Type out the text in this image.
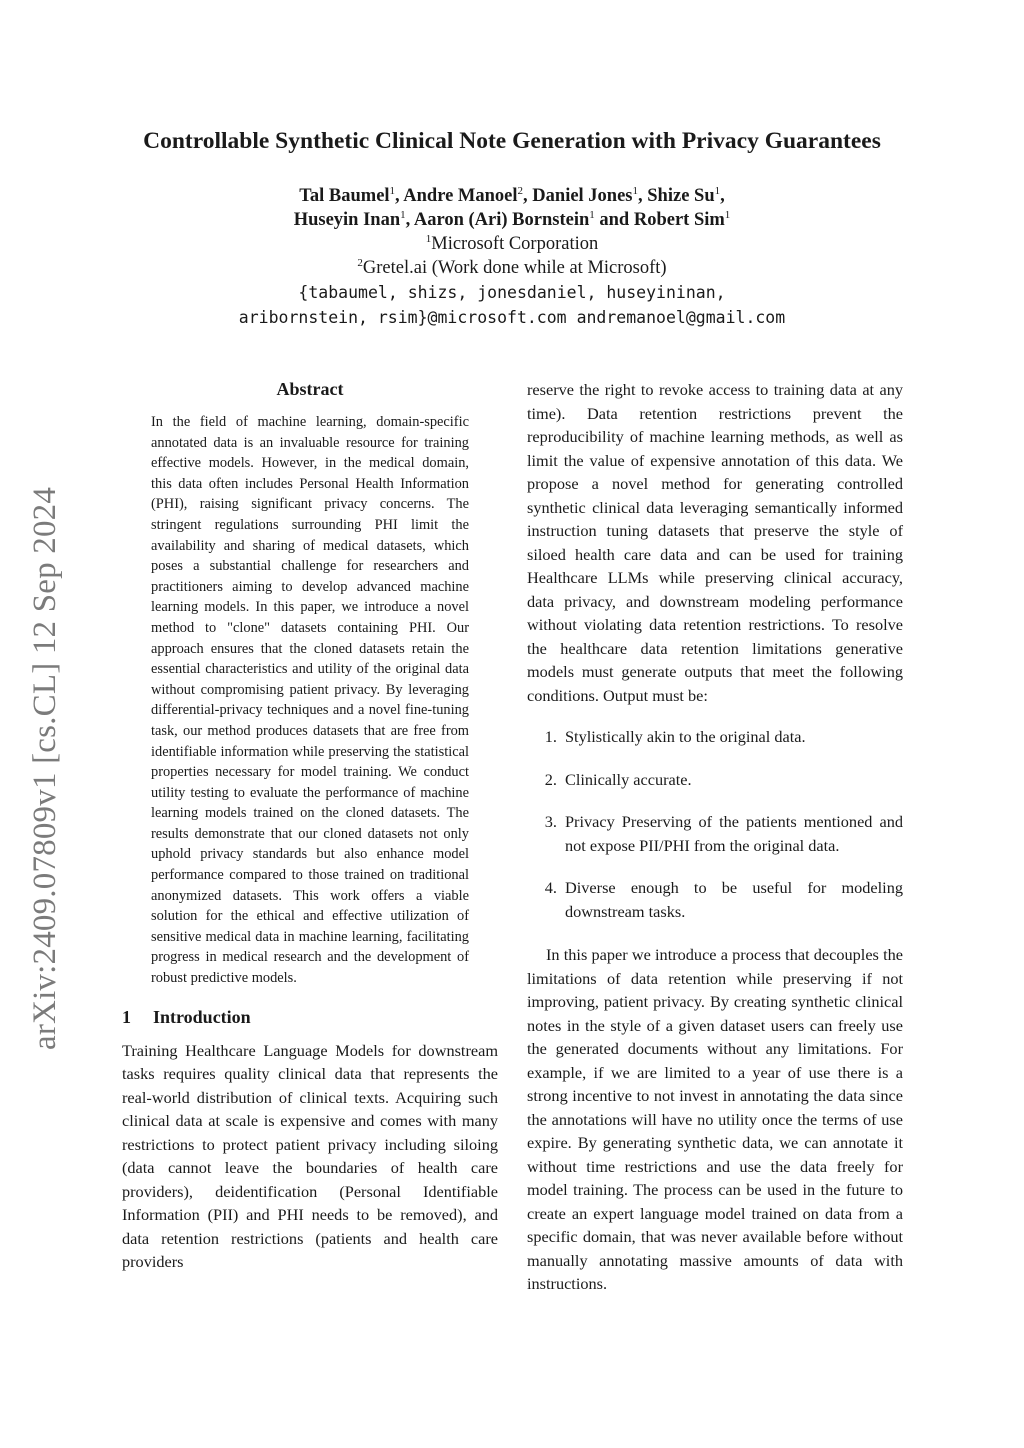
arXiv:2409.07809v1 [cs.CL] 12 Sep 2024
Controllable Synthetic Clinical Note Generation with Privacy Guarantees
Tal Baumel$^1$, Andre Manoel$^2$, Daniel Jones$^1$, Shize Su$^1$,
Huseyin Inan$^1$, Aaron (Ari) Bornstein$^1$ and Robert Sim$^1$
$^1$Microsoft Corporation
$^2$Gretel.ai (Work done while at Microsoft)
{tabaumel, shizs, jonesdaniel, huseyininan,
aribornstein, rsim}@microsoft.com andremanoel@gmail.com
Abstract

In the field of machine learning, domain-specific annotated data is an invaluable resource for training effective models. However, in the medical domain, this data often includes Personal Health Information (PHI), raising significant privacy concerns. The stringent regulations surrounding PHI limit the availability and sharing of medical datasets, which poses a substantial challenge for researchers and practitioners aiming to develop advanced machine learning models. In this paper, we introduce a novel method to "clone" datasets containing PHI. Our approach ensures that the cloned datasets retain the essential characteristics and utility of the original data without compromising patient privacy. By leveraging differential-privacy techniques and a novel fine-tuning task, our method produces datasets that are free from identifiable information while preserving the statistical properties necessary for model training. We conduct utility testing to evaluate the performance of machine learning models trained on the cloned datasets. The results demonstrate that our cloned datasets not only uphold privacy standards but also enhance model performance compared to those trained on traditional anonymized datasets. This work offers a viable solution for the ethical and effective utilization of sensitive medical data in machine learning, facilitating progress in medical research and the development of robust predictive models.

1 Introduction

Training Healthcare Language Models for downstream tasks requires quality clinical data that represents the real-world distribution of clinical texts. Acquiring such clinical data at scale is expensive and comes with many restrictions to protect patient privacy including siloing (data cannot leave the boundaries of health care providers), deidentification (Personal Identifiable Information (PII) and PHI needs to be removed), and data retention restrictions (patients and health care providers

reserve the right to revoke access to training data at any time). Data retention restrictions prevent the reproducibility of machine learning methods, as well as limit the value of expensive annotation of this data. We propose a novel method for generating controlled synthetic clinical data leveraging semantically informed instruction tuning datasets that preserve the style of siloed health care data and can be used for training Healthcare LLMs while preserving clinical accuracy, data privacy, and downstream modeling performance without violating data retention restrictions. To resolve the healthcare data retention limitations generative models must generate outputs that meet the following conditions. Output must be:

1. Stylistically akin to the original data.
2. Clinically accurate.
3. Privacy Preserving of the patients mentioned and not expose PII/PHI from the original data.
4. Diverse enough to be useful for modeling downstream tasks.

In this paper we introduce a process that decouples the limitations of data retention while preserving if not improving, patient privacy. By creating synthetic clinical notes in the style of a given dataset users can freely use the generated documents without any limitations. For example, if we are limited to a year of use there is a strong incentive to not invest in annotating the data since the annotations will have no utility once the terms of use expire. By generating synthetic data, we can annotate it without time restrictions and use the data freely for model training. The process can be used in the future to create an expert language model trained on data from a specific domain, that was never available before without manually annotating massive amounts of data with instructions.
